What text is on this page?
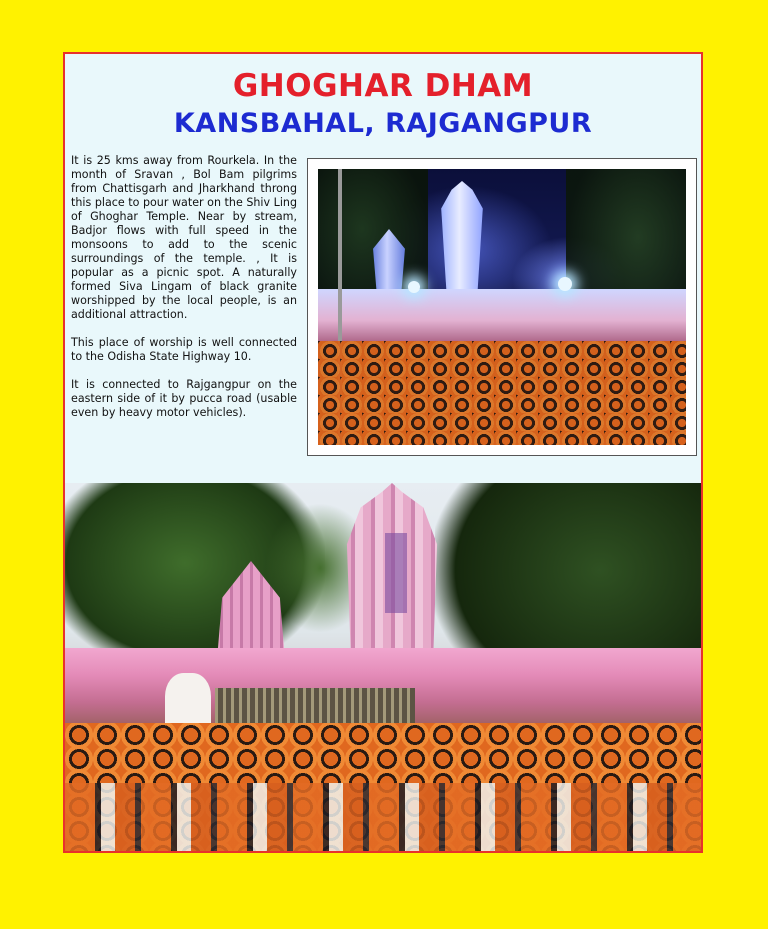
GHOGHAR DHAM
KANSBAHAL, RAJGANGPUR

It is 25 kms away from Rourkela. In the month of Sravan , Bol Bam pilgrims from Chattisgarh and Jharkhand throng this place to pour water on the Shiv Ling of Ghoghar Temple. Near by stream, Badjor flows with full speed in the monsoons to add to the scenic surroundings of the temple. , It is popular as a picnic spot. A naturally formed Siva Lingam of black granite worshipped by the local people, is an additional attraction.

This place of worship is well connected to the Odisha State Highway 10.

It is connected to Rajgangpur on the eastern side of it by pucca road (usable even by heavy motor vehicles).
